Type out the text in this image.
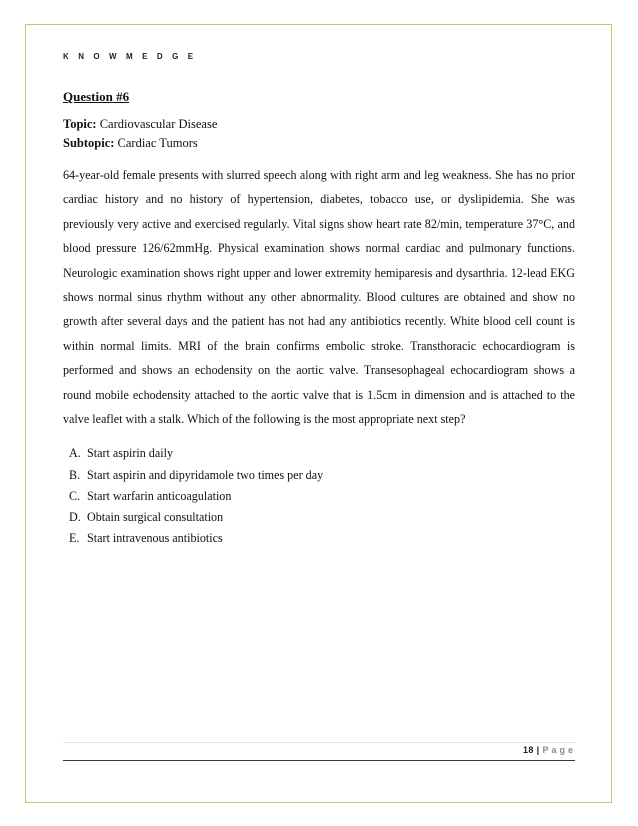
K N O W M E D G E

Question #6

Topic: Cardiovascular Disease

Subtopic: Cardiac Tumors

64-year-old female presents with slurred speech along with right arm and leg weakness. She has no prior cardiac history and no history of hypertension, diabetes, tobacco use, or dyslipidemia. She was previously very active and exercised regularly. Vital signs show heart rate 82/min, temperature 37°C, and blood pressure 126/62mmHg. Physical examination shows normal cardiac and pulmonary functions. Neurologic examination shows right upper and lower extremity hemiparesis and dysarthria. 12-lead EKG shows normal sinus rhythm without any other abnormality. Blood cultures are obtained and show no growth after several days and the patient has not had any antibiotics recently. White blood cell count is within normal limits. MRI of the brain confirms embolic stroke. Transthoracic echocardiogram is performed and shows an echodensity on the aortic valve. Transesophageal echocardiogram shows a round mobile echodensity attached to the aortic valve that is 1.5cm in dimension and is attached to the valve leaflet with a stalk. Which of the following is the most appropriate next step?

A. Start aspirin daily
B. Start aspirin and dipyridamole two times per day
C. Start warfarin anticoagulation
D. Obtain surgical consultation
E. Start intravenous antibiotics
18 | Page
